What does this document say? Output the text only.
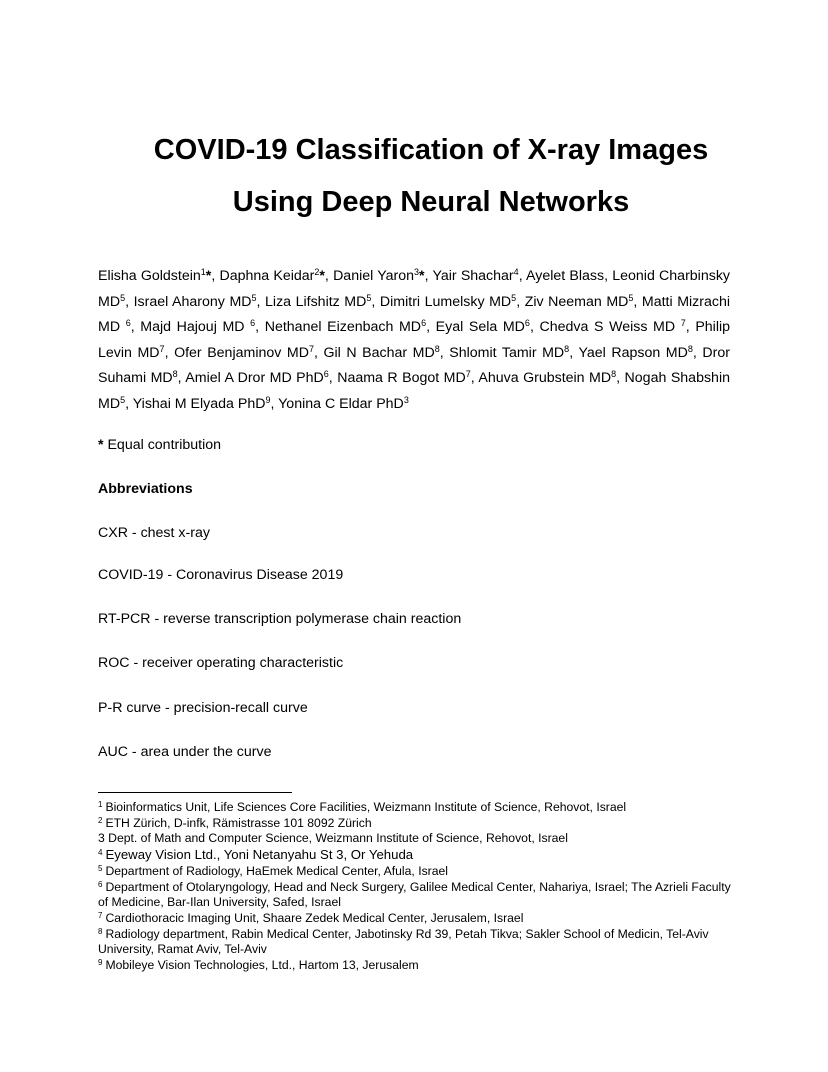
COVID-19 Classification of X-ray Images
Using Deep Neural Networks
Elisha Goldstein$^1$*, Daphna Keidar$^2$*, Daniel Yaron$^3$*, Yair Shachar$^4$, Ayelet Blass, Leonid Charbinsky $MD^5$, Israel Aharony $MD^5$, Liza Lifshitz $MD^5$, Dimitri Lumelsky $MD^5$, Ziv Neeman $MD^5$, Matti Mizrachi MD $^6$, Majd Hajouj MD $^6$, Nethanel Eizenbach $MD^6$, Eyal Sela $MD^6$, Chedva S Weiss MD $^7$, Philip Levin $MD^7$, Ofer Benjaminov $MD^7$, Gil N Bachar $MD^8$, Shlomit Tamir $MD^8$, Yael Rapson $MD^8$, Dror Suhami $MD^8$, Amiel A Dror MD PhD$^6$, Naama R Bogot $MD^7$, Ahuva Grubstein $MD^8$, Nogah Shabshin $MD^5$, Yishai M Elyada PhD$^9$, Yonina C Eldar PhD$^3$
* Equal contribution
Abbreviations
CXR - chest x-ray
COVID-19 - Coronavirus Disease 2019
RT-PCR - reverse transcription polymerase chain reaction
ROC - receiver operating characteristic
P-R curve - precision-recall curve
AUC - area under the curve

$^1$ Bioinformatics Unit, Life Sciences Core Facilities, Weizmann Institute of Science, Rehovot, Israel

$^2$ ETH Zürich, D-infk, Rämistrasse 101 8092 Zürich

3 Dept. of Math and Computer Science, Weizmann Institute of Science, Rehovot, Israel

$^4$ Eyeway Vision Ltd., Yoni Netanyahu St 3, Or Yehuda

$^5$ Department of Radiology, HaEmek Medical Center, Afula, Israel

$^6$ Department of Otolaryngology, Head and Neck Surgery, Galilee Medical Center, Nahariya, Israel; The Azrieli Faculty of Medicine, Bar-Ilan University, Safed, Israel

$^7$ Cardiothoracic Imaging Unit, Shaare Zedek Medical Center, Jerusalem, Israel

$^8$ Radiology department, Rabin Medical Center, Jabotinsky Rd 39, Petah Tikva; Sakler School of Medicin, Tel-Aviv University, Ramat Aviv, Tel-Aviv

$^9$ Mobileye Vision Technologies, Ltd., Hartom 13, Jerusalem
